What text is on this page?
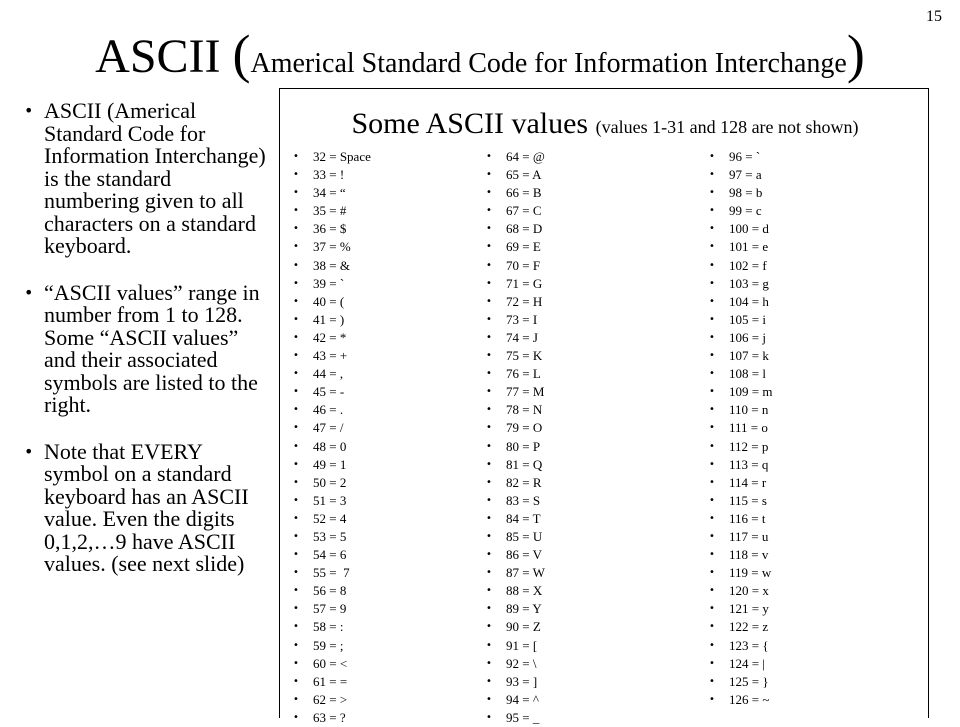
15
ASCII (Americal Standard Code for Information Interchange)
• ASCII (Americal Standard Code for Information Interchange) is the standard numbering given to all characters on a standard keyboard.
• “ASCII values” range in number from 1 to 128. Some “ASCII values” and their associated symbols are listed to the right.
• Note that EVERY symbol on a standard keyboard has an ASCII value. Even the digits 0,1,2,…9 have ASCII values. (see next slide)
Some ASCII values (values 1-31 and 128 are not shown)
• 32 = Space
• 33 = !
• 34 = “
• 35 = #
• 36 = $
• 37 = %
• 38 = &
• 39 = `
• 40 = (
• 41 = )
• 42 = *
• 43 = +
• 44 = ,
• 45 = -
• 46 = .
• 47 = /
• 48 = 0
• 49 = 1
• 50 = 2
• 51 = 3
• 52 = 4
• 53 = 5
• 54 = 6
• 55 =  7
• 56 = 8
• 57 = 9
• 58 = :
• 59 = ;
• 60 = <
• 61 = =
• 62 = >
• 63 = ?
• 64 = @
• 65 = A
• 66 = B
• 67 = C
• 68 = D
• 69 = E
• 70 = F
• 71 = G
• 72 = H
• 73 = I
• 74 = J
• 75 = K
• 76 = L
• 77 = M
• 78 = N
• 79 = O
• 80 = P
• 81 = Q
• 82 = R
• 83 = S
• 84 = T
• 85 = U
• 86 = V
• 87 = W
• 88 = X
• 89 = Y
• 90 = Z
• 91 = [
• 92 = \
• 93 = ]
• 94 = ^
• 95 = _
• 96 = `
• 97 = a
• 98 = b
• 99 = c
• 100 = d
• 101 = e
• 102 = f
• 103 = g
• 104 = h
• 105 = i
• 106 = j
• 107 = k
• 108 = l
• 109 = m
• 110 = n
• 111 = o
• 112 = p
• 113 = q
• 114 = r
• 115 = s
• 116 = t
• 117 = u
• 118 = v
• 119 = w
• 120 = x
• 121 = y
• 122 = z
• 123 = {
• 124 = |
• 125 = }
• 126 = ~
